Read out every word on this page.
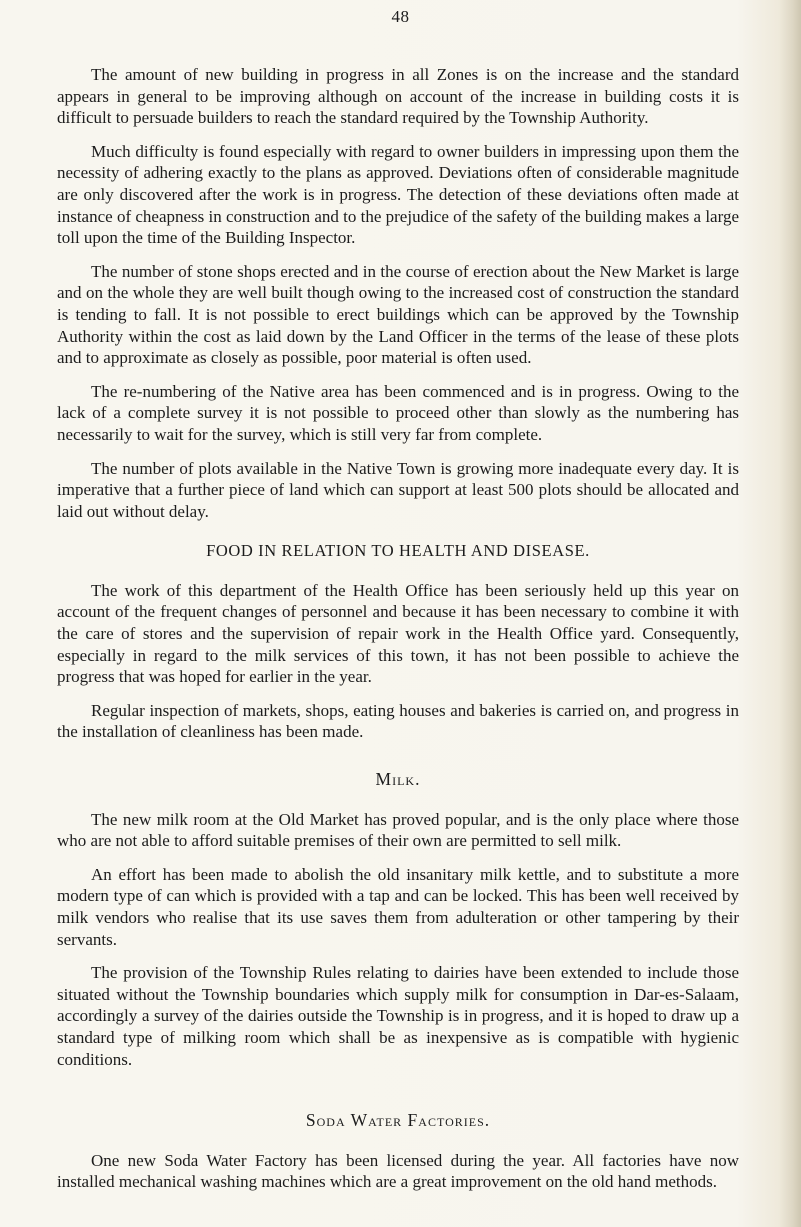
48

The amount of new building in progress in all Zones is on the increase and the standard appears in general to be improving although on account of the increase in building costs it is difficult to persuade builders to reach the standard required by the Township Authority.

Much difficulty is found especially with regard to owner builders in impressing upon them the necessity of adhering exactly to the plans as approved. Deviations often of considerable magnitude are only discovered after the work is in progress. The detection of these deviations often made at instance of cheapness in construction and to the prejudice of the safety of the building makes a large toll upon the time of the Building Inspector.

The number of stone shops erected and in the course of erection about the New Market is large and on the whole they are well built though owing to the increased cost of construction the standard is tending to fall. It is not possible to erect buildings which can be approved by the Township Authority within the cost as laid down by the Land Officer in the terms of the lease of these plots and to approximate as closely as possible, poor material is often used.

The re-numbering of the Native area has been commenced and is in progress. Owing to the lack of a complete survey it is not possible to proceed other than slowly as the numbering has necessarily to wait for the survey, which is still very far from complete.

The number of plots available in the Native Town is growing more inadequate every day. It is imperative that a further piece of land which can support at least 500 plots should be allocated and laid out without delay.

FOOD IN RELATION TO HEALTH AND DISEASE.

The work of this department of the Health Office has been seriously held up this year on account of the frequent changes of personnel and because it has been necessary to combine it with the care of stores and the supervision of repair work in the Health Office yard. Consequently, especially in regard to the milk services of this town, it has not been possible to achieve the progress that was hoped for earlier in the year.

Regular inspection of markets, shops, eating houses and bakeries is carried on, and progress in the installation of cleanliness has been made.

Milk.

The new milk room at the Old Market has proved popular, and is the only place where those who are not able to afford suitable premises of their own are permitted to sell milk.

An effort has been made to abolish the old insanitary milk kettle, and to substitute a more modern type of can which is provided with a tap and can be locked. This has been well received by milk vendors who realise that its use saves them from adulteration or other tampering by their servants.

The provision of the Township Rules relating to dairies have been extended to include those situated without the Township boundaries which supply milk for consumption in Dar-es-Salaam, accordingly a survey of the dairies outside the Township is in progress, and it is hoped to draw up a standard type of milking room which shall be as inexpensive as is compatible with hygienic conditions.

Soda Water Factories.

One new Soda Water Factory has been licensed during the year. All factories have now installed mechanical washing machines which are a great improvement on the old hand methods.
